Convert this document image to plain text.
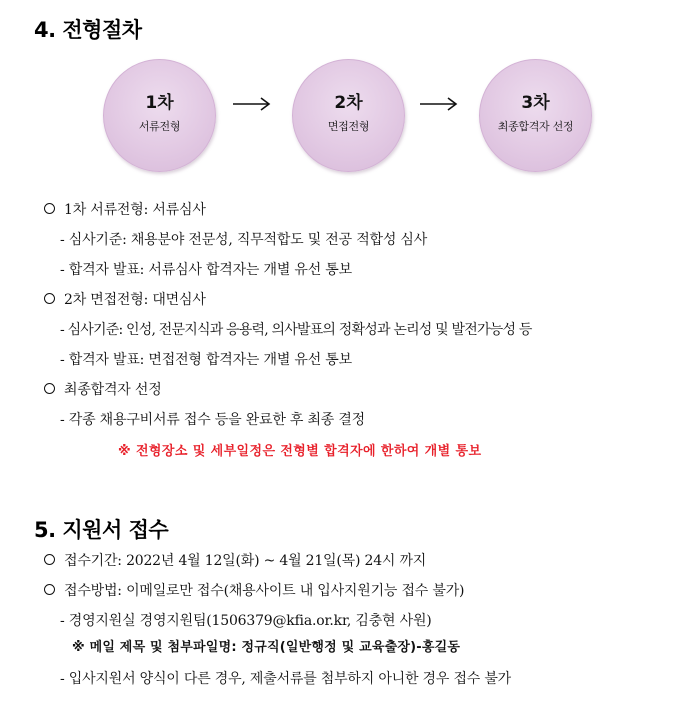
4. 전형절차
1차
서류전형
2차
면접전형
3차
최종합격자 선정
1차 서류전형: 서류심사
- 심사기준: 채용분야 전문성, 직무적합도 및 전공 적합성 심사
- 합격자 발표: 서류심사 합격자는 개별 유선 통보
2차 면접전형: 대면심사
- 심사기준: 인성, 전문지식과 응용력, 의사발표의 정확성과 논리성 및 발전가능성 등
- 합격자 발표: 면접전형 합격자는 개별 유선 통보
최종합격자 선정
- 각종 채용구비서류 접수 등을 완료한 후 최종 결정
※ 전형장소 및 세부일정은 전형별 합격자에 한하여 개별 통보
5. 지원서 접수
접수기간: 2022년 4월 12일(화) ~ 4월 21일(목) 24시 까지
접수방법: 이메일로만 접수(채용사이트 내 입사지원기능 접수 불가)
- 경영지원실 경영지원팀(1506379@kfia.or.kr, 김충현 사원)
※ 메일 제목 및 첨부파일명: 정규직(일반행정 및 교육출장)-홍길동
- 입사지원서 양식이 다른 경우, 제출서류를 첨부하지 아니한 경우 접수 불가
